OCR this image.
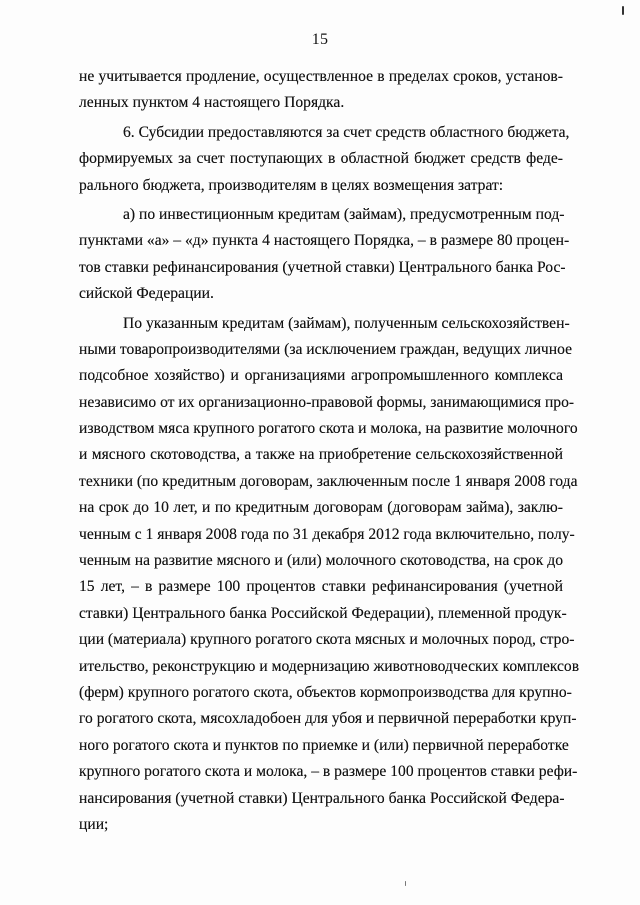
15
не учитывается продление, осуществленное в пределах сроков, установ-
ленных пунктом 4 настоящего Порядка.
6. Субсидии предоставляются за счет средств областного бюджета,
формируемых за счет поступающих в областной бюджет средств феде-
рального бюджета, производителям в целях возмещения затрат:
а) по инвестиционным кредитам (займам), предусмотренным под-
пунктами «а» – «д» пункта 4 настоящего Порядка, – в размере 80 процен-
тов ставки рефинансирования (учетной ставки) Центрального банка Рос-
сийской Федерации.
По указанным кредитам (займам), полученным сельскохозяйствен-
ными товаропроизводителями (за исключением граждан, ведущих личное
подсобное хозяйство) и организациями агропромышленного комплекса
независимо от их организационно-правовой формы, занимающимися про-
изводством мяса крупного рогатого скота и молока, на развитие молочного
и мясного скотоводства, а также на приобретение сельскохозяйственной
техники (по кредитным договорам, заключенным после 1 января 2008 года
на срок до 10 лет, и по кредитным договорам (договорам займа), заклю-
ченным с 1 января 2008 года по 31 декабря 2012 года включительно, полу-
ченным на развитие мясного и (или) молочного скотоводства, на срок до
15 лет, – в размере 100 процентов ставки рефинансирования (учетной
ставки) Центрального банка Российской Федерации), племенной продук-
ции (материала) крупного рогатого скота мясных и молочных пород, стро-
ительство, реконструкцию и модернизацию животноводческих комплексов
(ферм) крупного рогатого скота, объектов кормопроизводства для крупно-
го рогатого скота, мясохладобоен для убоя и первичной переработки круп-
ного рогатого скота и пунктов по приемке и (или) первичной переработке
крупного рогатого скота и молока, – в размере 100 процентов ставки рефи-
нансирования (учетной ставки) Центрального банка Российской Федера-
ции;
